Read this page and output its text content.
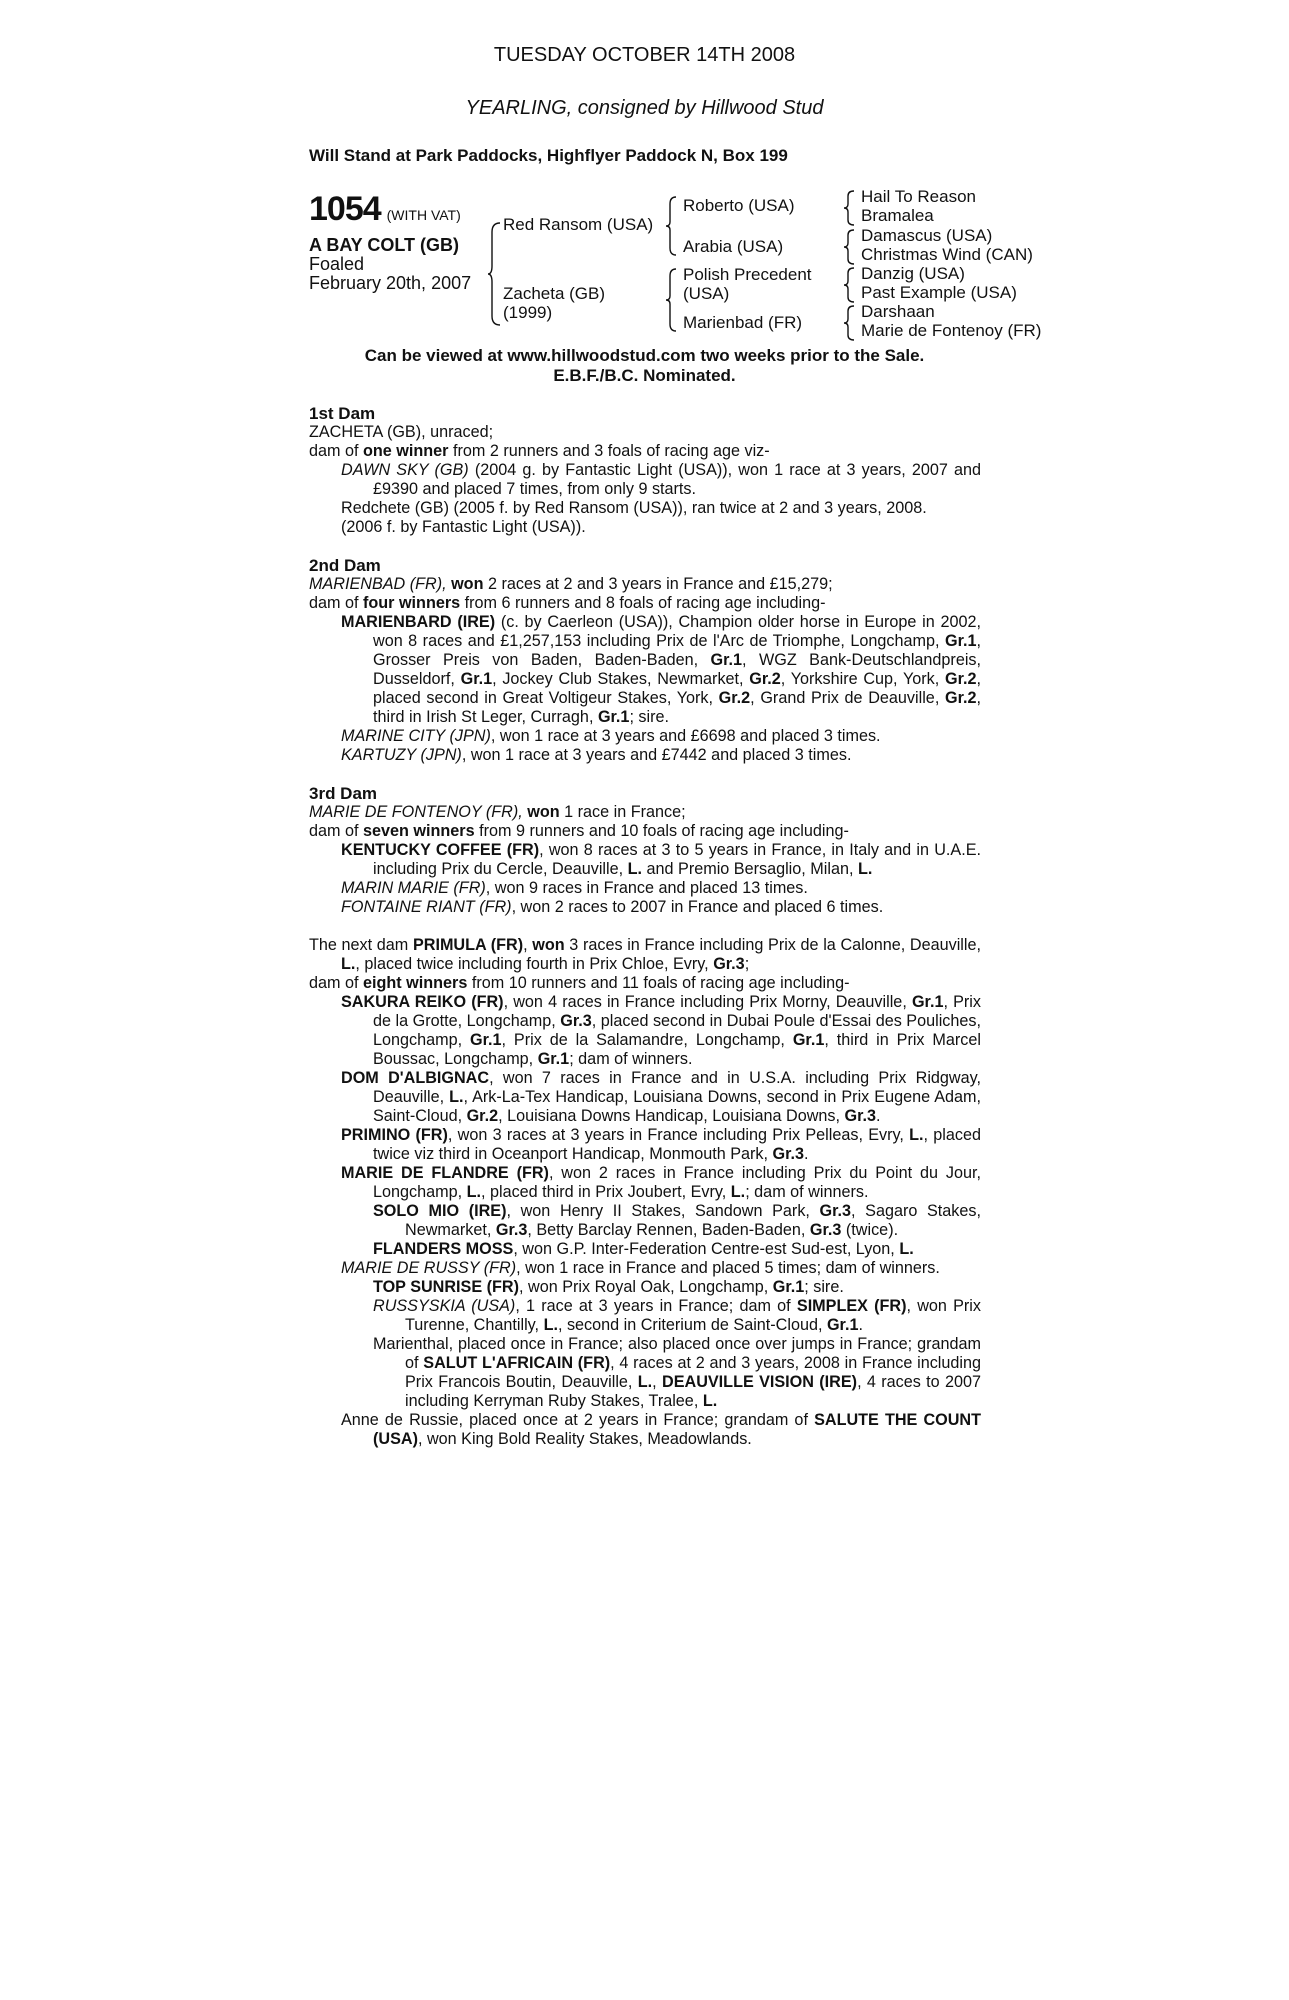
TUESDAY OCTOBER 14TH 2008
YEARLING, consigned by Hillwood Stud
Will Stand at Park Paddocks, Highflyer Paddock N, Box 199
1054 (WITH VAT)
A BAY COLT (GB)
Foaled
February 20th, 2007
Red Ransom (USA)
Zacheta (GB)
(1999)
Roberto (USA)
Arabia (USA)
Polish Precedent
(USA)
Marienbad (FR)
Hail To Reason
Bramalea
Damascus (USA)
Christmas Wind (CAN)
Danzig (USA)
Past Example (USA)
Darshaan
Marie de Fontenoy (FR)
Can be viewed at www.hillwoodstud.com two weeks prior to the Sale.
E.B.F./B.C. Nominated.
1st Dam
ZACHETA (GB), unraced;
dam of one winner from 2 runners and 3 foals of racing age viz-
DAWN SKY (GB) (2004 g. by Fantastic Light (USA)), won 1 race at 3 years, 2007 and £9390 and placed 7 times, from only 9 starts.
Redchete (GB) (2005 f. by Red Ransom (USA)), ran twice at 2 and 3 years, 2008.
(2006 f. by Fantastic Light (USA)).
2nd Dam
MARIENBAD (FR), won 2 races at 2 and 3 years in France and £15,279;
dam of four winners from 6 runners and 8 foals of racing age including-
MARIENBARD (IRE) (c. by Caerleon (USA)), Champion older horse in Europe in 2002, won 8 races and £1,257,153 including Prix de l'Arc de Triomphe, Longchamp, Gr.1, Grosser Preis von Baden, Baden-Baden, Gr.1, WGZ Bank-Deutschlandpreis, Dusseldorf, Gr.1, Jockey Club Stakes, Newmarket, Gr.2, Yorkshire Cup, York, Gr.2, placed second in Great Voltigeur Stakes, York, Gr.2, Grand Prix de Deauville, Gr.2, third in Irish St Leger, Curragh, Gr.1; sire.
MARINE CITY (JPN), won 1 race at 3 years and £6698 and placed 3 times.
KARTUZY (JPN), won 1 race at 3 years and £7442 and placed 3 times.
3rd Dam
MARIE DE FONTENOY (FR), won 1 race in France;
dam of seven winners from 9 runners and 10 foals of racing age including-
KENTUCKY COFFEE (FR), won 8 races at 3 to 5 years in France, in Italy and in U.A.E. including Prix du Cercle, Deauville, L. and Premio Bersaglio, Milan, L.
MARIN MARIE (FR), won 9 races in France and placed 13 times.
FONTAINE RIANT (FR), won 2 races to 2007 in France and placed 6 times.
The next dam PRIMULA (FR), won 3 races in France including Prix de la Calonne, Deauville, L., placed twice including fourth in Prix Chloe, Evry, Gr.3;
dam of eight winners from 10 runners and 11 foals of racing age including-
SAKURA REIKO (FR), won 4 races in France including Prix Morny, Deauville, Gr.1, Prix de la Grotte, Longchamp, Gr.3, placed second in Dubai Poule d'Essai des Pouliches, Longchamp, Gr.1, Prix de la Salamandre, Longchamp, Gr.1, third in Prix Marcel Boussac, Longchamp, Gr.1; dam of winners.
DOM D'ALBIGNAC, won 7 races in France and in U.S.A. including Prix Ridgway, Deauville, L., Ark-La-Tex Handicap, Louisiana Downs, second in Prix Eugene Adam, Saint-Cloud, Gr.2, Louisiana Downs Handicap, Louisiana Downs, Gr.3.
PRIMINO (FR), won 3 races at 3 years in France including Prix Pelleas, Evry, L., placed twice viz third in Oceanport Handicap, Monmouth Park, Gr.3.
MARIE DE FLANDRE (FR), won 2 races in France including Prix du Point du Jour, Longchamp, L., placed third in Prix Joubert, Evry, L.; dam of winners.
SOLO MIO (IRE), won Henry II Stakes, Sandown Park, Gr.3, Sagaro Stakes, Newmarket, Gr.3, Betty Barclay Rennen, Baden-Baden, Gr.3 (twice).
FLANDERS MOSS, won G.P. Inter-Federation Centre-est Sud-est, Lyon, L.
MARIE DE RUSSY (FR), won 1 race in France and placed 5 times; dam of winners.
TOP SUNRISE (FR), won Prix Royal Oak, Longchamp, Gr.1; sire.
RUSSYSKIA (USA), 1 race at 3 years in France; dam of SIMPLEX (FR), won Prix Turenne, Chantilly, L., second in Criterium de Saint-Cloud, Gr.1.
Marienthal, placed once in France; also placed once over jumps in France; grandam of SALUT L'AFRICAIN (FR), 4 races at 2 and 3 years, 2008 in France including Prix Francois Boutin, Deauville, L., DEAUVILLE VISION (IRE), 4 races to 2007 including Kerryman Ruby Stakes, Tralee, L.
Anne de Russie, placed once at 2 years in France; grandam of SALUTE THE COUNT (USA), won King Bold Reality Stakes, Meadowlands.
